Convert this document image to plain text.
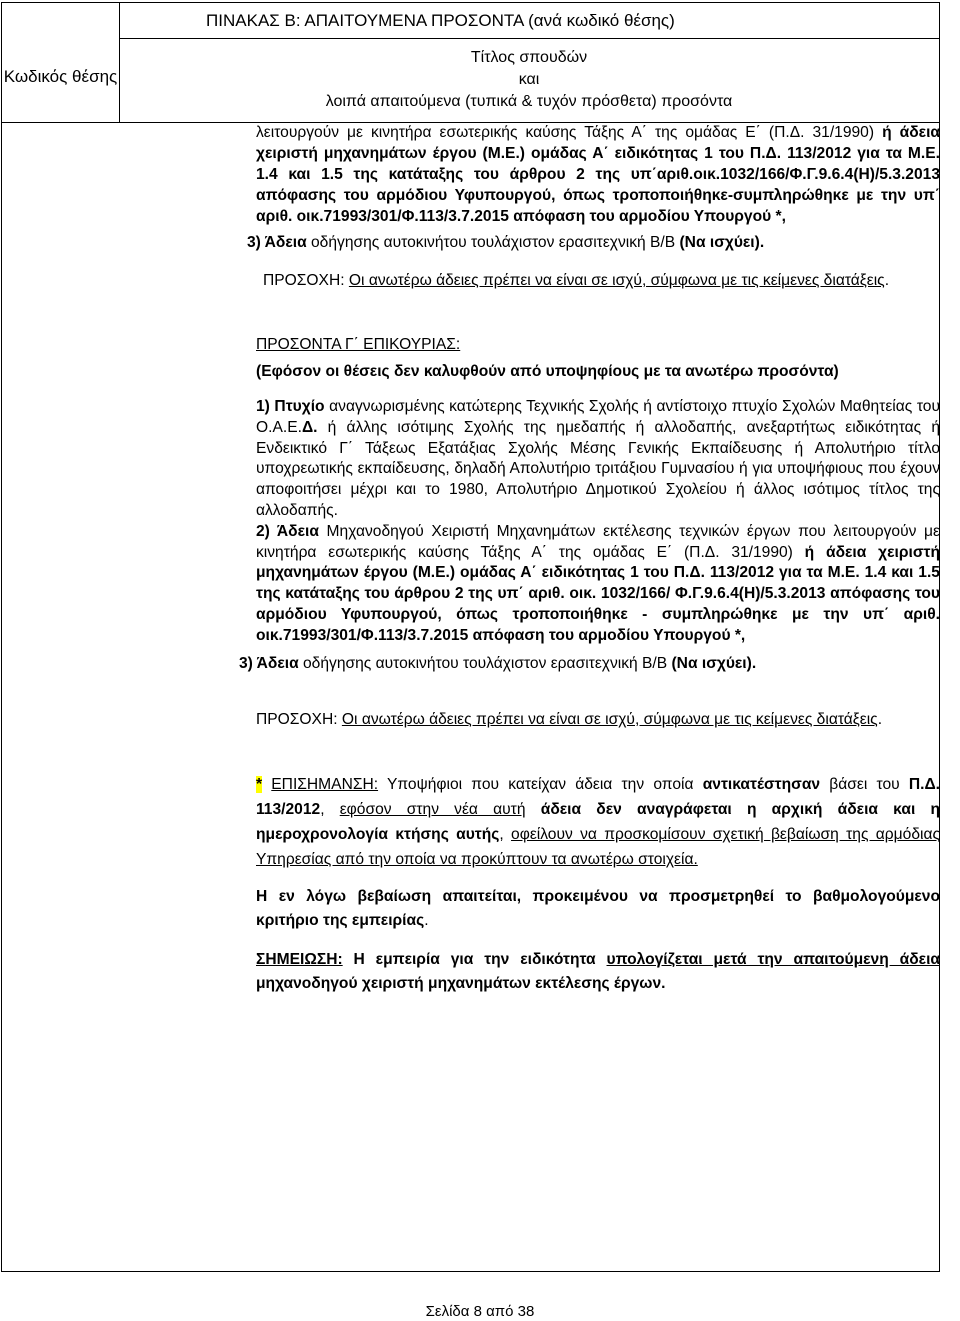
ΠΙΝΑΚΑΣ Β: ΑΠΑΙΤΟΥΜΕΝΑ ΠΡΟΣΟΝΤΑ (ανά κωδικό θέσης)
Κωδικός θέσης
Τίτλος σπουδών
και
λοιπά απαιτούμενα (τυπικά & τυχόν πρόσθετα) προσόντα

λειτουργούν με κινητήρα εσωτερικής καύσης Τάξης Α΄ της ομάδας Ε΄ (Π.Δ. 31/1990) ή άδεια χειριστή μηχανημάτων έργου (Μ.Ε.) ομάδας Α΄ ειδικότητας 1 του Π.Δ. 113/2012 για τα Μ.Ε. 1.4 και 1.5 της κατάταξης του άρθρου 2 της υπ΄αριθ.οικ.1032/166/Φ.Γ.9.6.4(Η)/5.3.2013 απόφασης του αρμόδιου Υφυπουργού, όπως τροποποιήθηκε-συμπληρώθηκε με την υπ΄ αριθ. οικ.71993/301/Φ.113/3.7.2015 απόφαση του αρμοδίου Υπουργού *,

3) Άδεια οδήγησης αυτοκινήτου τουλάχιστον ερασιτεχνική Β/Β (Να ισχύει).

ΠΡΟΣΟΧΗ: Οι ανωτέρω άδειες πρέπει να είναι σε ισχύ, σύμφωνα με τις κείμενες διατάξεις.

ΠΡΟΣΟΝΤΑ Γ΄ ΕΠΙΚΟΥΡΙΑΣ:

(Εφόσον οι θέσεις δεν καλυφθούν από υποψηφίους με τα ανωτέρω προσόντα)

1) Πτυχίο αναγνωρισμένης κατώτερης Τεχνικής Σχολής ή αντίστοιχο πτυχίο Σχολών Μαθητείας του Ο.Α.Ε.Δ. ή άλλης ισότιμης Σχολής της ημεδαπής ή αλλοδαπής, ανεξαρτήτως ειδικότητας ή Ενδεικτικό Γ΄ Τάξεως Εξατάξιας Σχολής Μέσης Γενικής Εκπαίδευσης ή Απολυτήριο τίτλο υποχρεωτικής εκπαίδευσης, δηλαδή Απολυτήριο τριτάξιου Γυμνασίου ή για υποψήφιους που έχουν αποφοιτήσει μέχρι και το 1980, Απολυτήριο Δημοτικού Σχολείου ή άλλος ισότιμος τίτλος της αλλοδαπής.

2) Άδεια Μηχανοδηγού Χειριστή Μηχανημάτων εκτέλεσης τεχνικών έργων που λειτουργούν με κινητήρα εσωτερικής καύσης Τάξης Α΄ της ομάδας Ε΄ (Π.Δ. 31/1990) ή άδεια χειριστή μηχανημάτων έργου (Μ.Ε.) ομάδας Α΄ ειδικότητας 1 του Π.Δ. 113/2012 για τα Μ.Ε. 1.4 και 1.5 της κατάταξης του άρθρου 2 της υπ΄ αριθ. οικ. 1032/166/ Φ.Γ.9.6.4(Η)/5.3.2013 απόφασης του αρμόδιου Υφυπουργού, όπως τροποποιήθηκε - συμπληρώθηκε με την υπ΄ αριθ. οικ.71993/301/Φ.113/3.7.2015 απόφαση του αρμοδίου Υπουργού *,

3) Άδεια οδήγησης αυτοκινήτου τουλάχιστον ερασιτεχνική Β/Β (Να ισχύει).

ΠΡΟΣΟΧΗ: Οι ανωτέρω άδειες πρέπει να είναι σε ισχύ, σύμφωνα με τις κείμενες διατάξεις.

* ΕΠΙΣΗΜΑΝΣΗ: Υποψήφιοι που κατείχαν άδεια την οποία αντικατέστησαν βάσει του Π.Δ. 113/2012, εφόσον στην νέα αυτή άδεια δεν αναγράφεται η αρχική άδεια και η ημεροχρονολογία κτήσης αυτής, οφείλουν να προσκομίσουν σχετική βεβαίωση της αρμόδιας Υπηρεσίας από την οποία να προκύπτουν τα ανωτέρω στοιχεία.

Η εν λόγω βεβαίωση απαιτείται, προκειμένου να προσμετρηθεί το βαθμολογούμενο κριτήριο της εμπειρίας.

ΣΗΜΕΙΩΣΗ: Η εμπειρία για την ειδικότητα υπολογίζεται μετά την απαιτούμενη άδεια μηχανοδηγού χειριστή μηχανημάτων εκτέλεσης έργων.

Σελίδα 8 από 38
